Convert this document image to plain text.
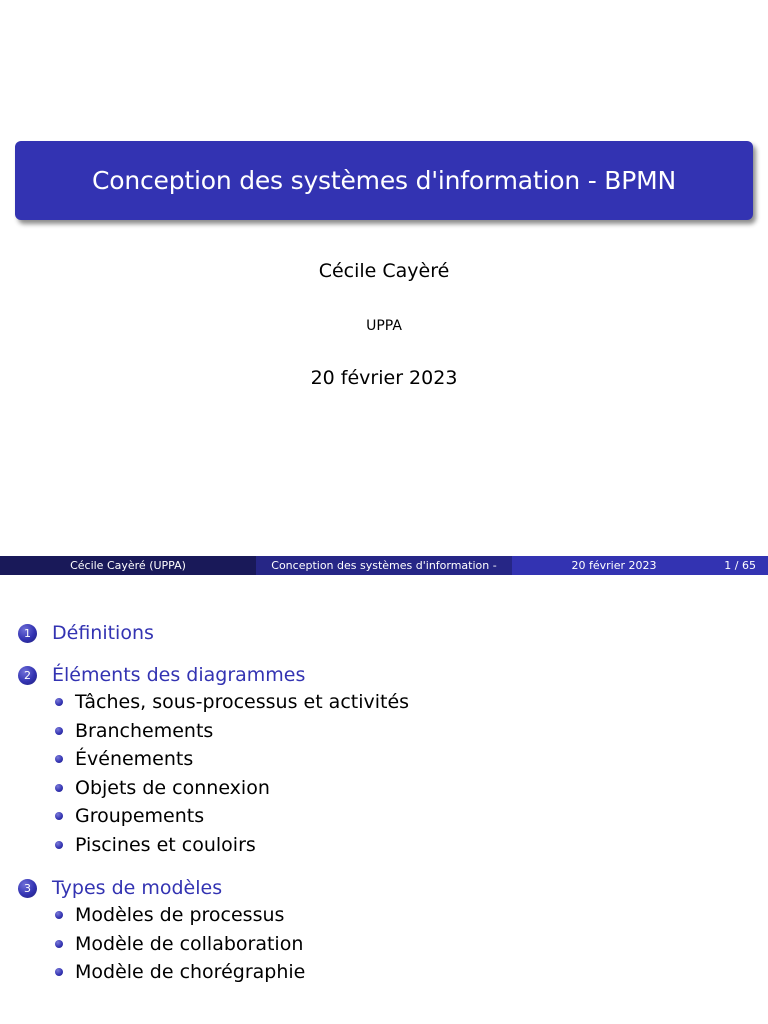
Conception des systèmes d'information - BPMN
Cécile Cayèré
UPPA
20 février 2023
Cécile Cayèré (UPPA)	Conception des systèmes d'information -	20 février 2023	1 / 65
1	Définitions
2	Éléments des diagrammes
Tâches, sous-processus et activités
Branchements
Événements
Objets de connexion
Groupements
Piscines et couloirs
3	Types de modèles
Modèles de processus
Modèle de collaboration
Modèle de chorégraphie
